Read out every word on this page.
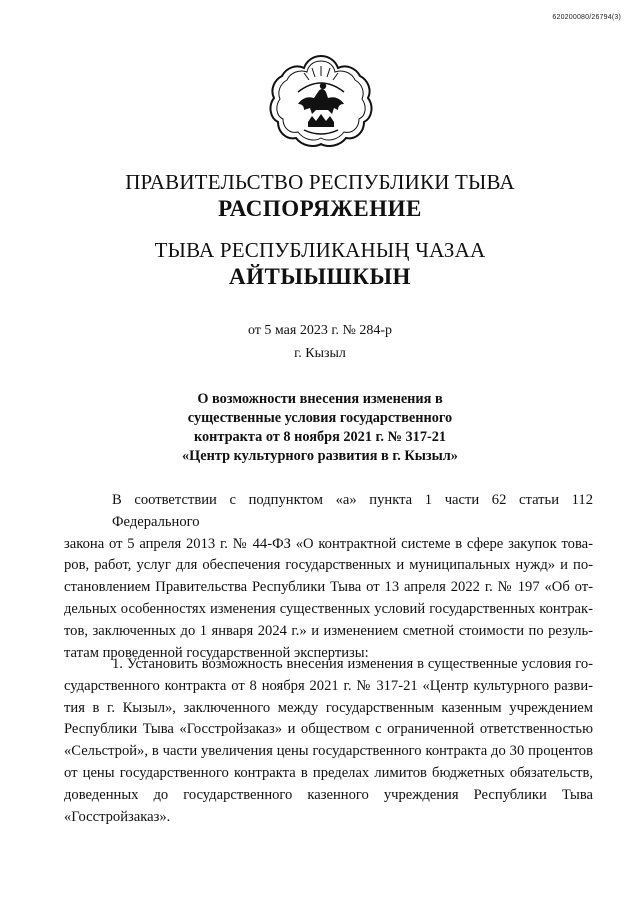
620200080/26794(3)
ПРАВИТЕЛЬСТВО РЕСПУБЛИКИ ТЫВА
РАСПОРЯЖЕНИЕ
ТЫВА РЕСПУБЛИКАНЫҢ ЧАЗАА
АЙТЫЫШКЫН
от 5 мая 2023 г. № 284-р
г. Кызыл
О возможности внесения изменения в
существенные условия государственного
контракта от 8 ноября 2021 г. № 317-21
«Центр культурного развития в г. Кызыл»
В соответствии с подпунктом «а» пункта 1 части 62 статьи 112 Федерального
закона от 5 апреля 2013 г. № 44-ФЗ «О контрактной системе в сфере закупок това-
ров, работ, услуг для обеспечения государственных и муниципальных нужд» и по-
становлением Правительства Республики Тыва от 13 апреля 2022 г. № 197 «Об от-
дельных особенностях изменения существенных условий государственных контрак-
тов, заключенных до 1 января 2024 г.» и изменением сметной стоимости по резуль-
татам проведенной государственной экспертизы:
1. Установить возможность внесения изменения в существенные условия го-
сударственного контракта от 8 ноября 2021 г. № 317-21 «Центр культурного разви-
тия в г. Кызыл», заключенного между государственным казенным учреждением
Республики Тыва «Госстройзаказ» и обществом с ограниченной ответственностью
«Сельстрой», в части увеличения цены государственного контракта до 30 процентов
от цены государственного контракта в пределах лимитов бюджетных обязательств,
доведенных до государственного казенного учреждения Республики Тыва
«Госстройзаказ».
